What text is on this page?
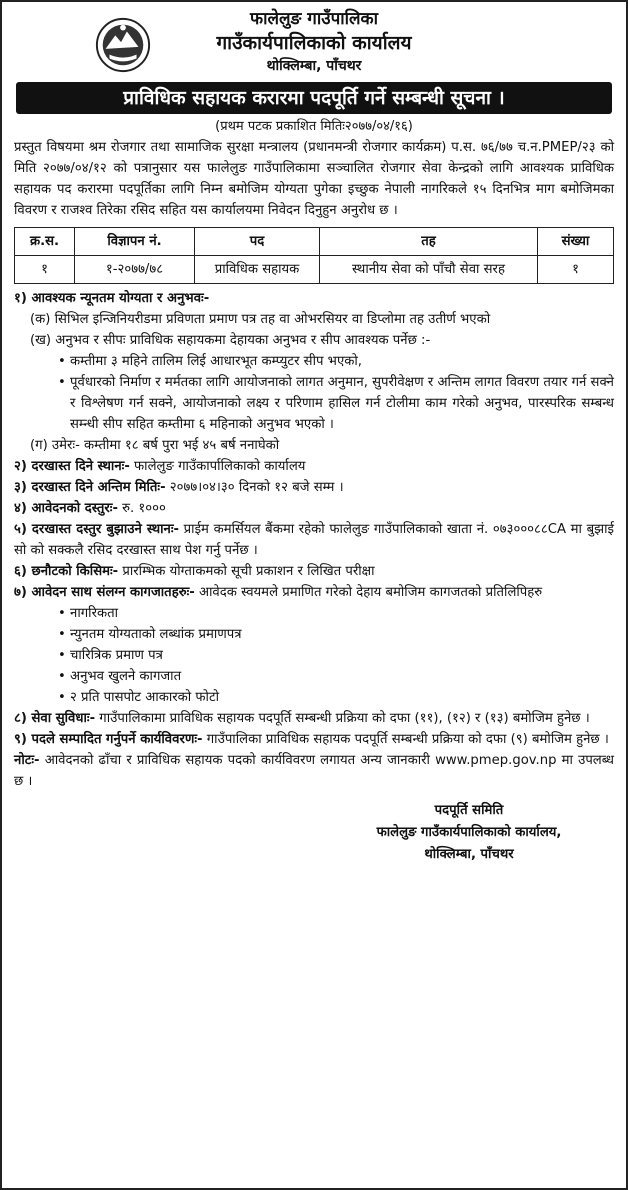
फालेलुङ गाउँपालिका
गाउँकार्यपालिकाको कार्यालय
थोक्लिम्बा, पाँचथर
प्राविधिक सहायक करारमा पदपूर्ति गर्ने सम्बन्धी सूचना ।
(प्रथम पटक प्रकाशित मितिः२०७७/०४/१६)

प्रस्तुत विषयमा श्रम रोजगार तथा सामाजिक सुरक्षा मन्त्रालय (प्रधानमन्त्री रोजगार कार्यक्रम) प.स. ७६/७७ च.न.PMEP/२३ को मिति २०७७/०४/१२ को पत्रानुसार यस फालेलुङ गाउँपालिकामा सञ्चालित रोजगार सेवा केन्द्रको लागि आवश्यक प्राविधिक सहायक पद करारमा पदपूर्तिका लागि निम्न बमोजिम योग्यता पुगेका इच्छुक नेपाली नागरिकले १५ दिनभित्र माग बमोजिमका विवरण र राजश्व तिरेका रसिद सहित यस कार्यालयमा निवेदन दिनुहुन अनुरोध छ ।

क्र.स.	विज्ञापन नं.	पद	तह	संख्या
१	१-२०७७/७८	प्राविधिक सहायक	स्थानीय सेवा को पाँचौ सेवा सरह	१
१) आवश्यक न्यूनतम योग्यता र अनुभवः-
(क) सिभिल इन्जिनियरीडमा प्रविणता प्रमाण पत्र तह वा ओभरसियर वा डिप्लोमा तह उतीर्ण भएको
(ख) अनुभव र सीपः प्राविधिक सहायकमा देहायका अनुभव र सीप आवश्यक पर्नेछ :-
• कम्तीमा ३ महिने तालिम लिई आधारभूत कम्प्युटर सीप भएको,
• पूर्वधारको निर्माण र मर्मतका लागि आयोजनाको लागत अनुमान, सुपरीवेक्षण र अन्तिम लागत विवरण तयार गर्न सक्ने र विश्लेषण गर्न सक्ने, आयोजनाको लक्ष्य र परिणाम हासिल गर्न टोलीमा काम गरेको अनुभव, पारस्परिक सम्बन्ध सम्न्धी सीप सहित कम्तीमा ६ महिनाको अनुभव भएको ।
(ग) उमेरः- कम्तीमा १८ बर्ष पुरा भई ४५ बर्ष ननाघेको
२) दरखास्त दिने स्थानः- फालेलुङ गाउँकार्पालिकाको कार्यालय
३) दरखास्त दिने अन्तिम मितिः- २०७७।०४।३० दिनको १२ बजे सम्म ।
४) आवेदनको दस्तुरः- रु. १०००
५) दरखास्त दस्तुर बुझाउने स्थानः- प्राईम कमर्सियल बैंकमा रहेको फालेलुङ गाउँपालिकाको खाता नं. ०७३०००८८CA मा बुझाई सो को सक्कलै रसिद दरखास्त साथ पेश गर्नु पर्नेछ ।
६) छनौटको किसिमः- प्रारम्भिक योग्ताकमको सूची प्रकाशन र लिखित परीक्षा
७) आवेदन साथ संलग्न कागजातहरुः- आवेदक स्वयमले प्रमाणित गरेको देहाय बमोजिम कागजतको प्रतिलिपिहरु
• नागरिकता
• न्युनतम योग्यताको लब्धांक प्रमाणपत्र
• चारित्रिक प्रमाण पत्र
• अनुभव खुलने कागजात
• २ प्रति पासपोट आकारको फोटो
८) सेवा सुविधाः- गाउँपालिकामा प्राविधिक सहायक पदपूर्ति सम्बन्धी प्रक्रिया को दफा (११), (१२) र (१३) बमोजिम हुनेछ ।
९) पदले सम्पादित गर्नुपर्ने कार्यविवरणः- गाउँपालिका प्राविधिक सहायक पदपूर्ति सम्बन्धी प्रक्रिया को दफा (९) बमोजिम हुनेछ ।
नोटः- आवेदनको ढाँचा र प्राविधिक सहायक पदको कार्यविवरण लगायत अन्य जानकारी www.pmep.gov.np मा उपलब्ध छ ।
पदपूर्ति समिति
फालेलुङ गाउँकार्यपालिकाको कार्यालय,
थोक्लिम्बा, पाँचथर
